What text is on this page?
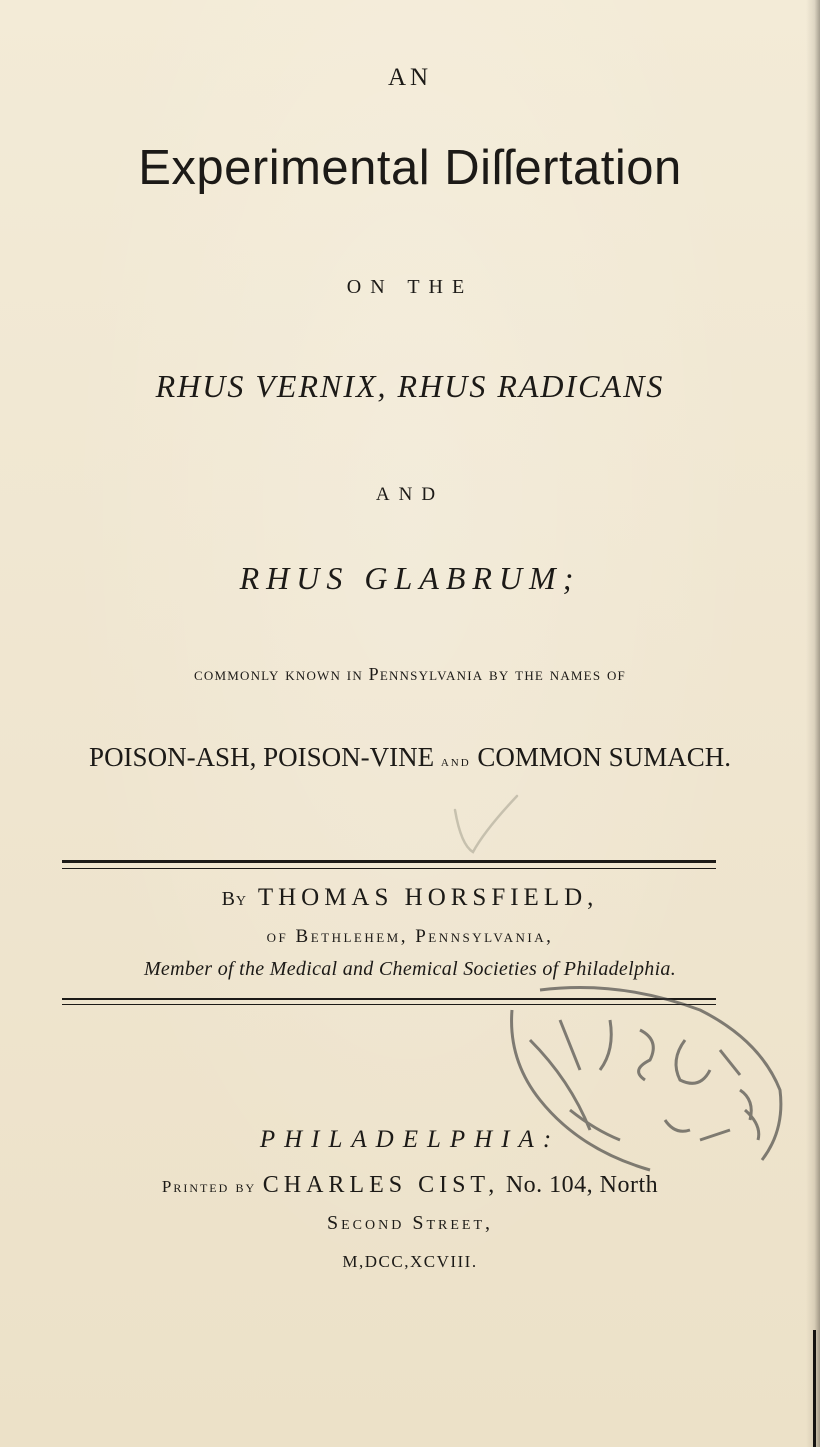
AN
Experimental Diſſertation
ON THE
RHUS VERNIX, RHUS RADICANS
AND
RHUS GLABRUM;
commonly known in Pennsylvania by the names of
POISON-ASH, POISON-VINE and COMMON SUMACH.
By THOMAS HORSFIELD,
of Bethlehem, Pennsylvania,
Member of the Medical and Chemical Societies of Philadelphia.
PHILADELPHIA:
Printed by CHARLES CIST, No. 104, North
Second Street,
M,DCC,XCVIII.
